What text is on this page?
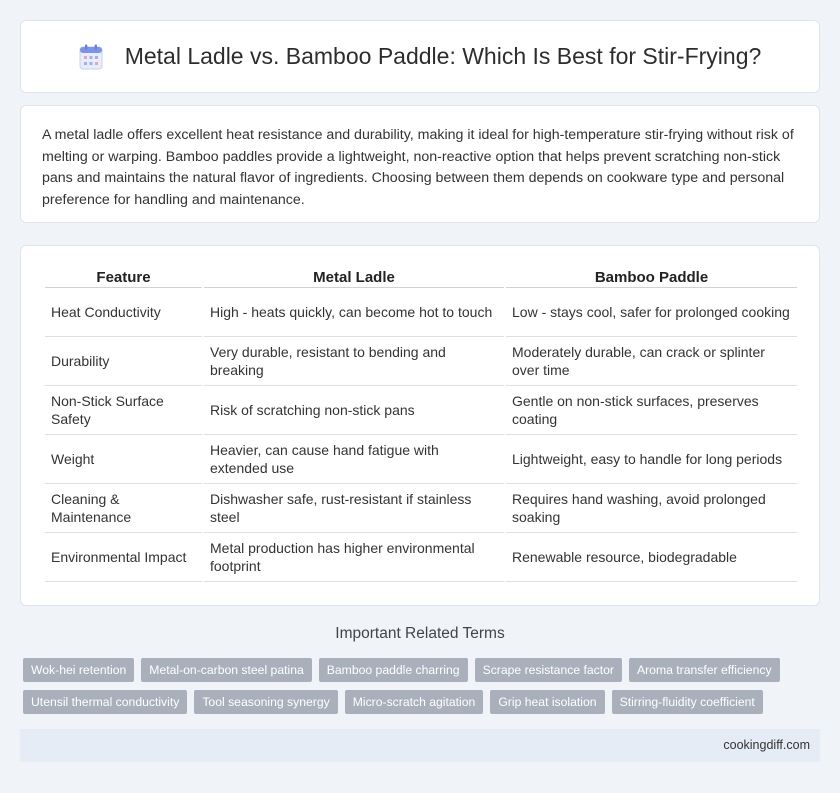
Metal Ladle vs. Bamboo Paddle: Which Is Best for Stir-Frying?

A metal ladle offers excellent heat resistance and durability, making it ideal for high-temperature stir-frying without risk of melting or warping. Bamboo paddles provide a lightweight, non-reactive option that helps prevent scratching non-stick pans and maintains the natural flavor of ingredients. Choosing between them depends on cookware type and personal preference for handling and maintenance.

Feature	Metal Ladle	Bamboo Paddle
Heat Conductivity	High - heats quickly, can become hot to touch	Low - stays cool, safer for prolonged cooking
Durability	Very durable, resistant to bending and breaking	Moderately durable, can crack or splinter over time
Non-Stick Surface Safety	Risk of scratching non-stick pans	Gentle on non-stick surfaces, preserves coating
Weight	Heavier, can cause hand fatigue with extended use	Lightweight, easy to handle for long periods
Cleaning & Maintenance	Dishwasher safe, rust-resistant if stainless steel	Requires hand washing, avoid prolonged soaking
Environmental Impact	Metal production has higher environmental footprint	Renewable resource, biodegradable
Important Related Terms
Wok-hei retention	Metal-on-carbon steel patina	Bamboo paddle charring	Scrape resistance factor	Aroma transfer efficiency
Utensil thermal conductivity	Tool seasoning synergy	Micro-scratch agitation	Grip heat isolation	Stirring-fluidity coefficient
cookingdiff.com
